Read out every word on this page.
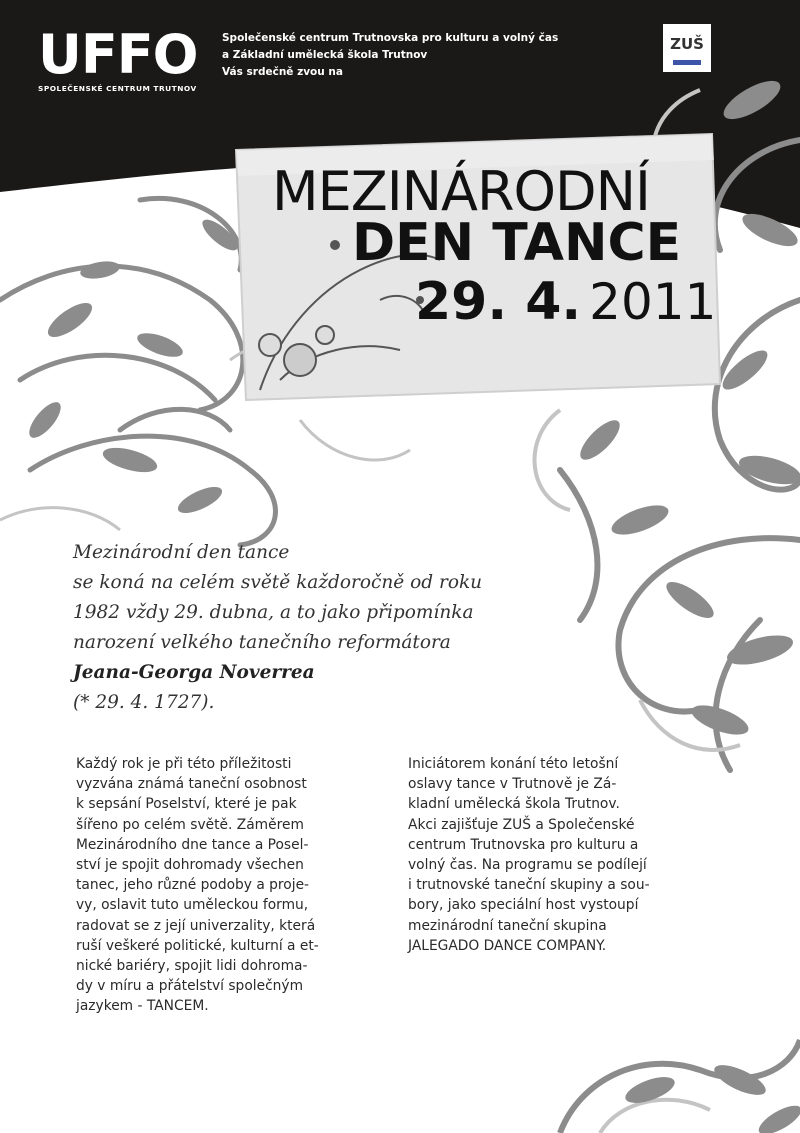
UFFO
SPOLEČENSKÉ CENTRUM TRUTNOV
Společenské centrum Trutnovska pro kulturu a volný čas
a Základní umělecká škola Trutnov
Vás srdečně zvou na
ZUŠ
MEZINÁRODNÍ
DEN TANCE
29. 4. 2011
Mezinárodní den tance
se koná na celém světě každoročně od roku
1982 vždy 29. dubna, a to jako připomínka
narození velkého tanečního reformátora
Jeana-Georga Noverrea
(* 29. 4. 1727).
Každý rok je při této příležitosti
vyzvána známá taneční osobnost
k sepsání Poselství, které je pak
šířeno po celém světě. Záměrem
Mezinárodního dne tance a Posel-
ství je spojit dohromady všechen
tanec, jeho různé podoby a proje-
vy, oslavit tuto uměleckou formu,
radovat se z její univerzality, která
ruší veškeré politické, kulturní a et-
nické bariéry, spojit lidi dohroma-
dy v míru a přátelství společným
jazykem - TANCEM.
Iniciátorem konání této letošní
oslavy tance v Trutnově je Zá-
kladní umělecká škola Trutnov.
Akci zajišťuje ZUŠ a Společenské
centrum Trutnovska pro kulturu a
volný čas. Na programu se podílejí
i trutnovské taneční skupiny a sou-
bory, jako speciální host vystoupí
mezinárodní taneční skupina
JALEGADO DANCE COMPANY.
